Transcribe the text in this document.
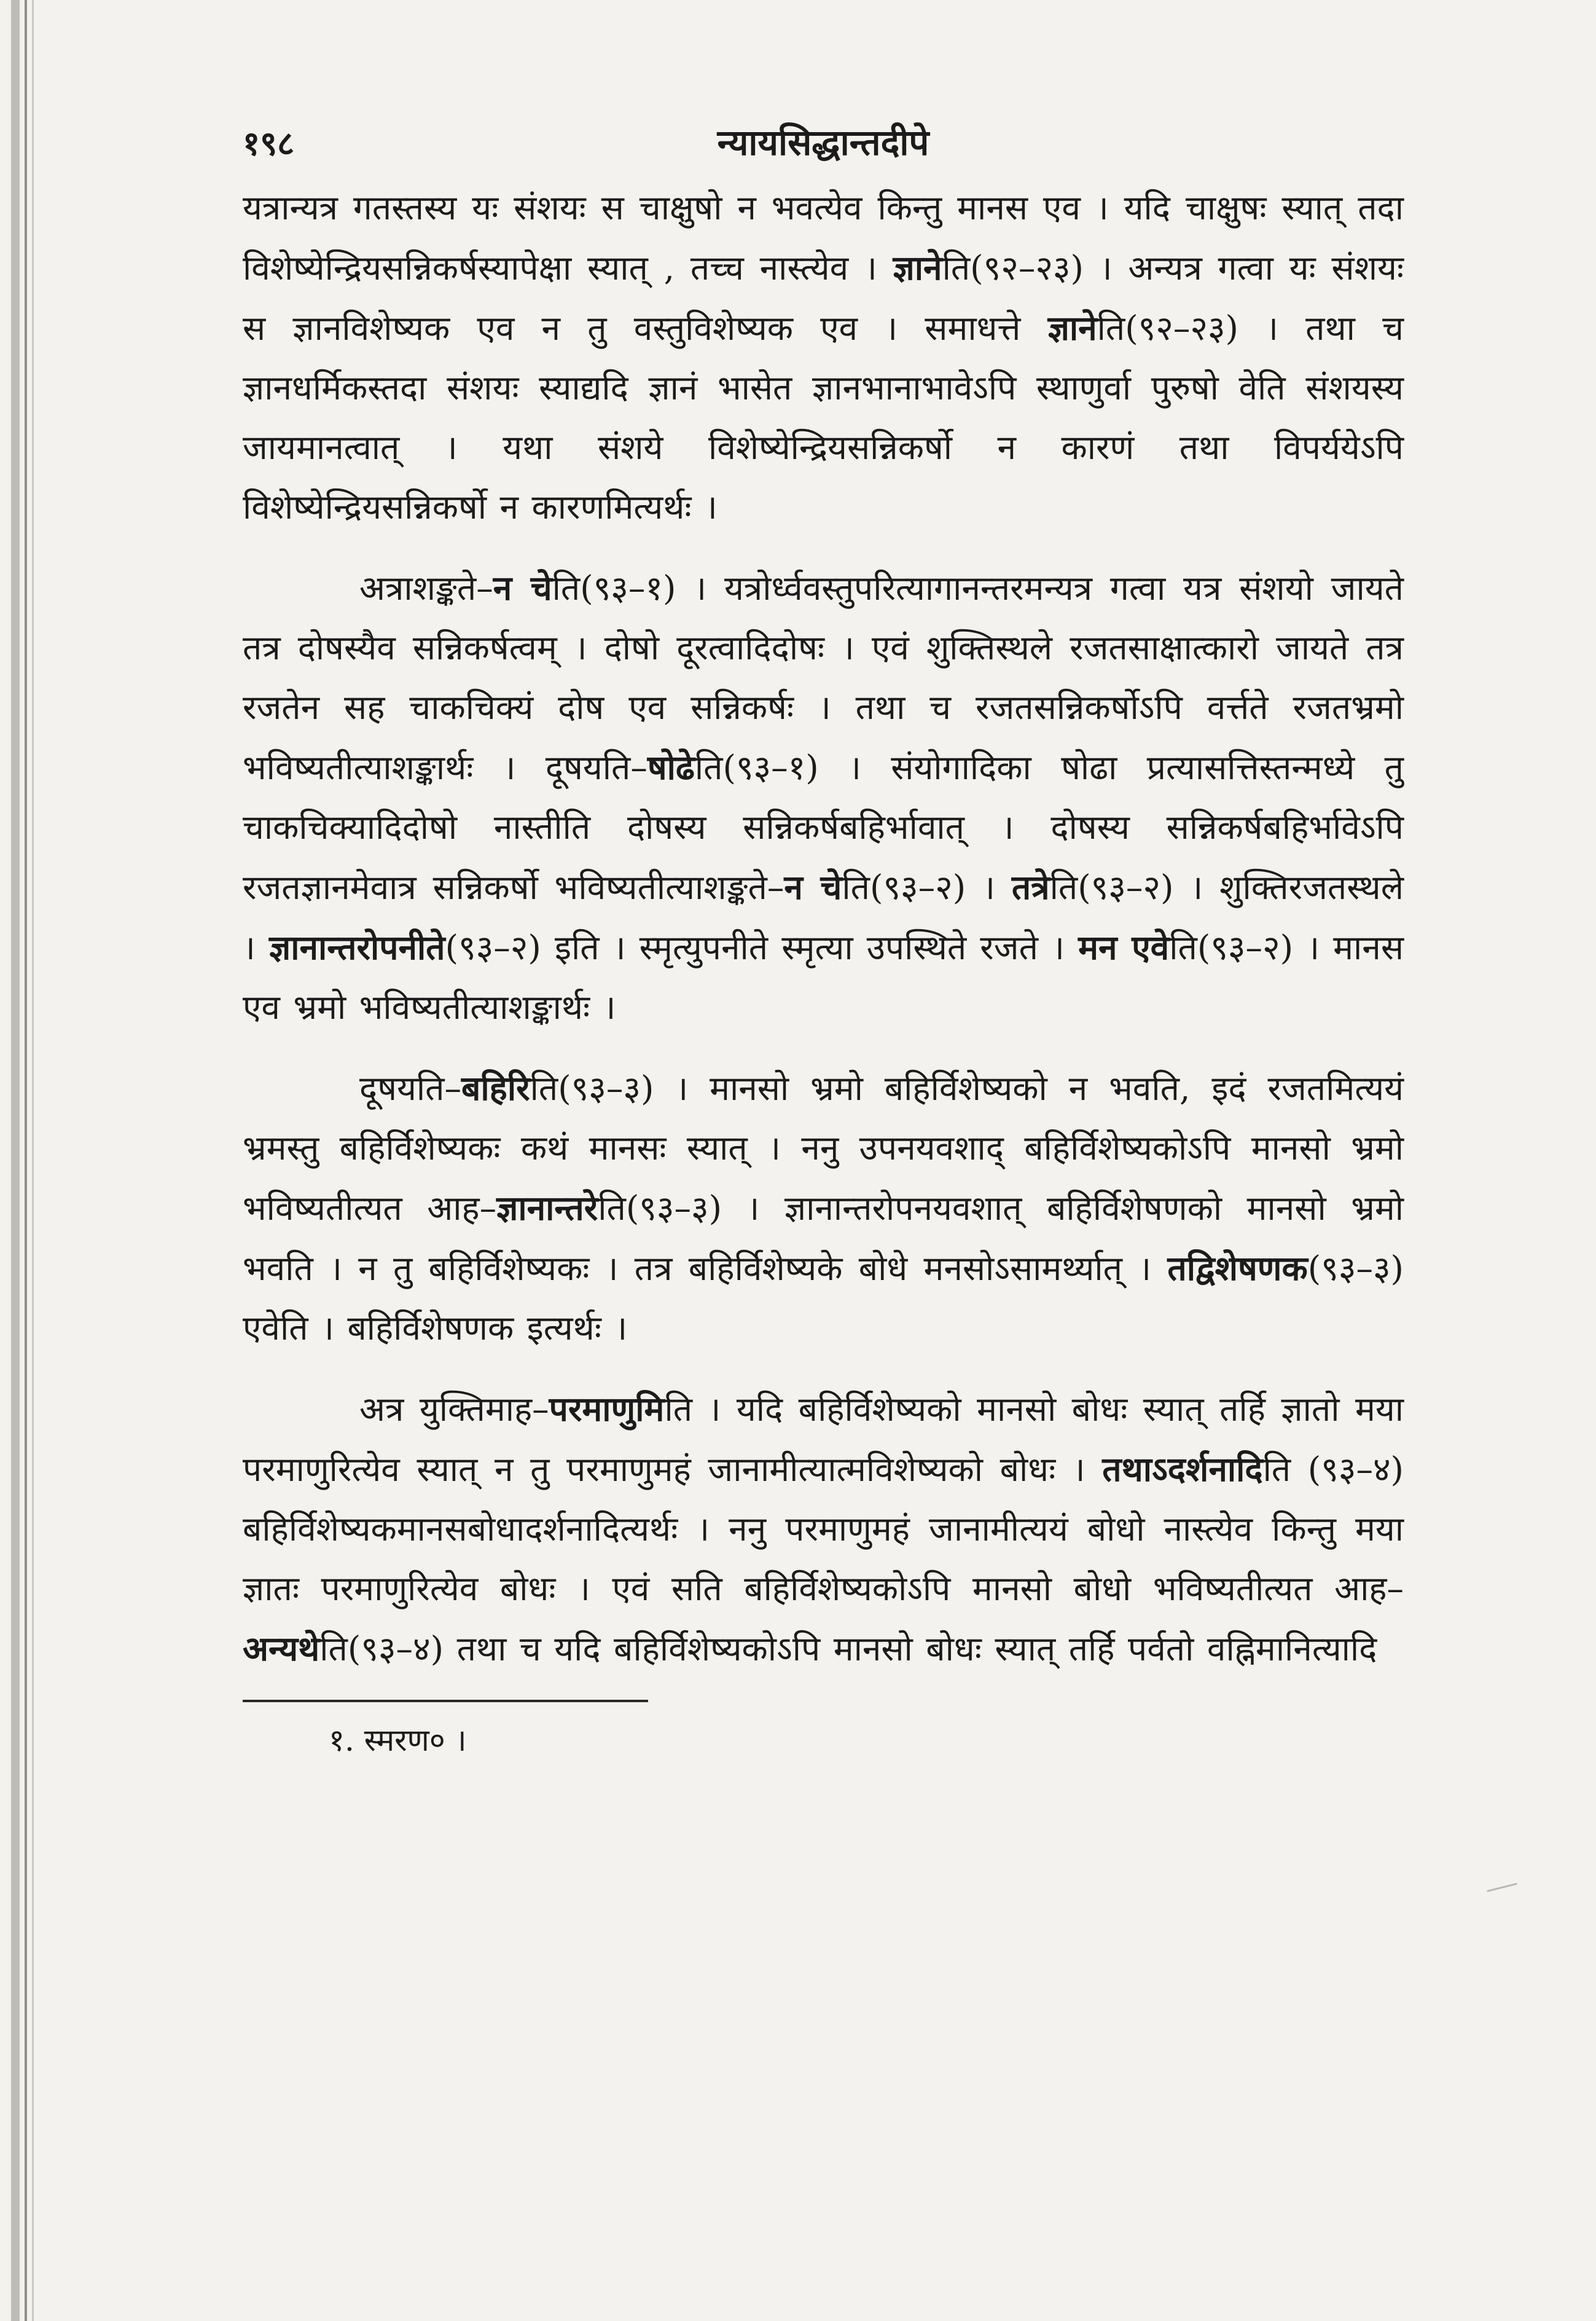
१९८	न्यायसिद्धान्तदीपे

यत्रान्यत्र गतस्तस्य यः संशयः स चाक्षुषो न भवत्येव किन्तु मानस एव । यदि चाक्षुषः स्यात् तदा विशेष्येन्द्रियसन्निकर्षस्यापेक्षा स्यात् , तच्च नास्त्येव । ज्ञानेति(९२–२३) । अन्यत्र गत्वा यः संशयः स ज्ञानविशेष्यक एव न तु वस्तुविशेष्यक एव । समाधत्ते ज्ञानेति(९२–२३) । तथा च ज्ञानधर्मिकस्तदा संशयः स्याद्यदि ज्ञानं भासेत ज्ञानभानाभावेऽपि स्थाणुर्वा पुरुषो वेति संशयस्य जायमानत्वात् । यथा संशये विशेष्येन्द्रियसन्निकर्षो न कारणं तथा विपर्ययेऽपि विशेष्येन्द्रियसन्निकर्षो न कारणमित्यर्थः ।

अत्राशङ्कते–न चेति(९३–१) । यत्रोर्ध्ववस्तुपरित्यागानन्तरमन्यत्र गत्वा यत्र संशयो जायते तत्र दोषस्यैव सन्निकर्षत्वम् । दोषो दूरत्वादिदोषः । एवं शुक्तिस्थले रजतसाक्षात्कारो जायते तत्र रजतेन सह चाकचिक्यं दोष एव सन्निकर्षः । तथा च रजतसन्निकर्षोऽपि वर्त्तते रजतभ्रमो भविष्यतीत्याशङ्कार्थः । दूषयति–षोढेति(९३–१) । संयोगादिका षोढा प्रत्यासत्तिस्तन्मध्ये तु चाकचिक्यादिदोषो नास्तीति दोषस्य सन्निकर्षबहिर्भावात् । दोषस्य सन्निकर्षबहिर्भावेऽपि रजतज्ञानमेवात्र सन्निकर्षो भविष्यतीत्याशङ्कते–न चेति(९३–२) । तत्रेति(९३–२) । शुक्तिरजतस्थले । ज्ञानान्तरोपनीते(९३–२) इति । स्मृत्युपनीते स्मृत्या उपस्थिते रजते । मन एवेति(९३–२) । मानस एव भ्रमो भविष्यतीत्याशङ्कार्थः ।

दूषयति–बहिरिति(९३–३) । मानसो भ्रमो बहिर्विशेष्यको न भवति, इदं रजतमित्ययं भ्रमस्तु बहिर्विशेष्यकः कथं मानसः स्यात् । ननु उपनयवशाद् बहिर्विशेष्यकोऽपि मानसो भ्रमो भविष्यतीत्यत आह–ज्ञानान्तरेति(९३–३) । ज्ञानान्तरोपनयवशात् बहिर्विशेषणको मानसो भ्रमो भवति । न तु बहिर्विशेष्यकः । तत्र बहिर्विशेष्यके बोधे मनसोऽसामर्थ्यात् । तद्विशेषणक(९३–३) एवेति । बहिर्विशेषणक इत्यर्थः ।

अत्र युक्तिमाह–परमाणुमिति । यदि बहिर्विशेष्यको मानसो बोधः स्यात् तर्हि ज्ञातो मया परमाणुरित्येव स्यात् न तु परमाणुमहं जानामीत्यात्मविशेष्यको बोधः । तथाऽदर्शनादिति (९३–४) बहिर्विशेष्यकमानसबोधादर्शनादित्यर्थः । ननु परमाणुमहं जानामीत्ययं बोधो नास्त्येव किन्तु मया ज्ञातः परमाणुरित्येव बोधः । एवं सति बहिर्विशेष्यकोऽपि मानसो बोधो भविष्यतीत्यत आह–अन्यथेति(९३–४) तथा च यदि बहिर्विशेष्यकोऽपि मानसो बोधः स्यात् तर्हि पर्वतो वह्निमानित्यादि

१. स्मरण० ।
